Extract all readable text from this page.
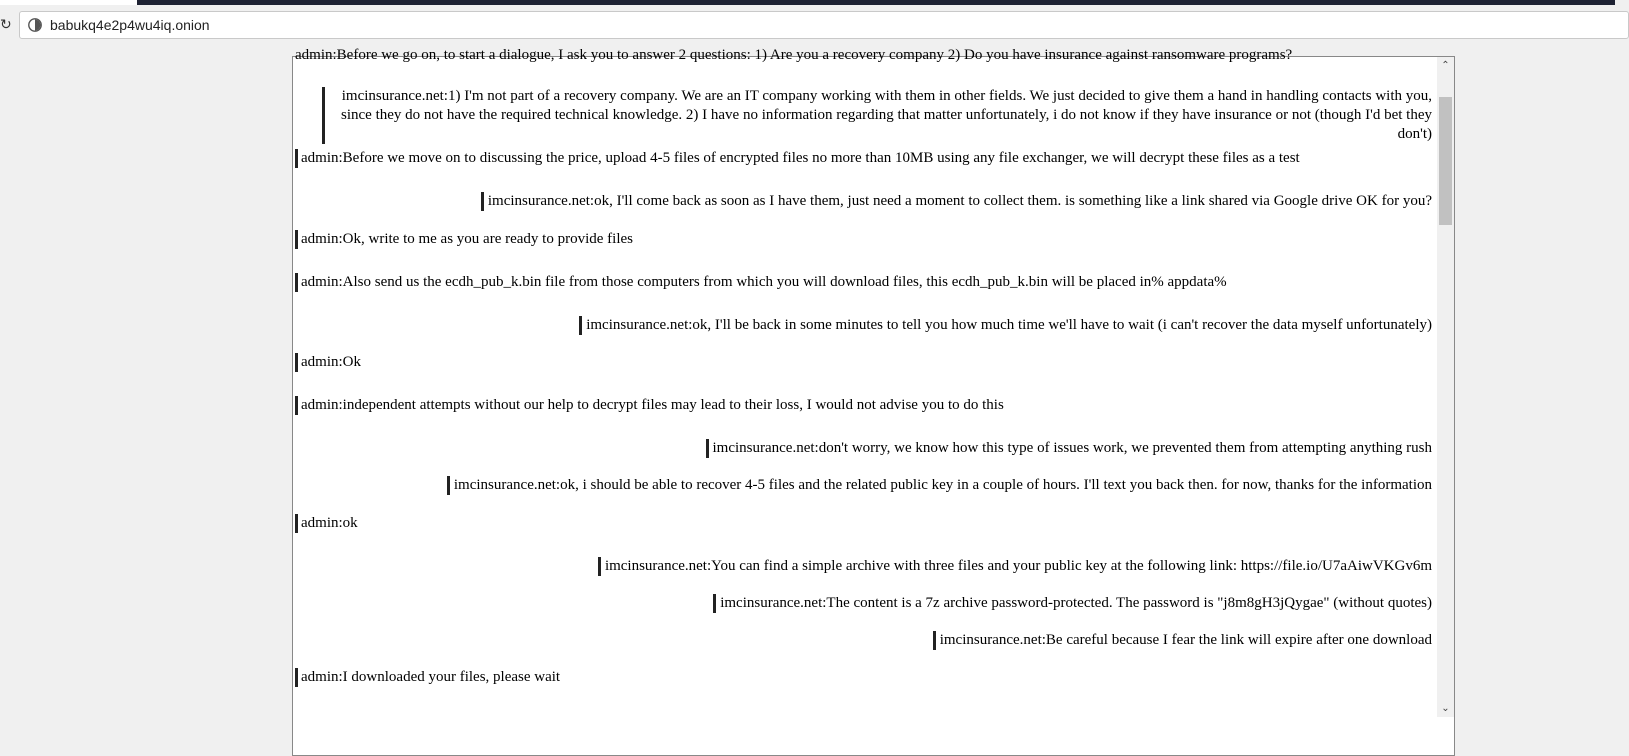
↻	babukq4e2p4wu4iq.onion
admin:Before we go on, to start a dialogue, I ask you to answer 2 questions: 1) Are you a recovery company 2) Do you have insurance against ransomware programs?
imcinsurance.net:1) I'm not part of a recovery company. We are an IT company working with them in other fields. We just decided to give them a hand in handling contacts with you, since they do not have the required technical knowledge. 2) I have no information regarding that matter unfortunately, i do not know if they have insurance or not (though I'd bet they don't)
admin:Before we move on to discussing the price, upload 4-5 files of encrypted files no more than 10MB using any file exchanger, we will decrypt these files as a test
imcinsurance.net:ok, I'll come back as soon as I have them, just need a moment to collect them. is something like a link shared via Google drive OK for you?
admin:Ok, write to me as you are ready to provide files
admin:Also send us the ecdh_pub_k.bin file from those computers from which you will download files, this ecdh_pub_k.bin will be placed in% appdata%
imcinsurance.net:ok, I'll be back in some minutes to tell you how much time we'll have to wait (i can't recover the data myself unfortunately)
admin:Ok
admin:independent attempts without our help to decrypt files may lead to their loss, I would not advise you to do this
imcinsurance.net:don't worry, we know how this type of issues work, we prevented them from attempting anything rush
imcinsurance.net:ok, i should be able to recover 4-5 files and the related public key in a couple of hours. I'll text you back then. for now, thanks for the information
admin:ok
imcinsurance.net:You can find a simple archive with three files and your public key at the following link: https://file.io/U7aAiwVKGv6m
imcinsurance.net:The content is a 7z archive password-protected. The password is "j8m8gH3jQygae" (without quotes)
imcinsurance.net:Be careful because I fear the link will expire after one download
admin:I downloaded your files, please wait
⌃
⌄
